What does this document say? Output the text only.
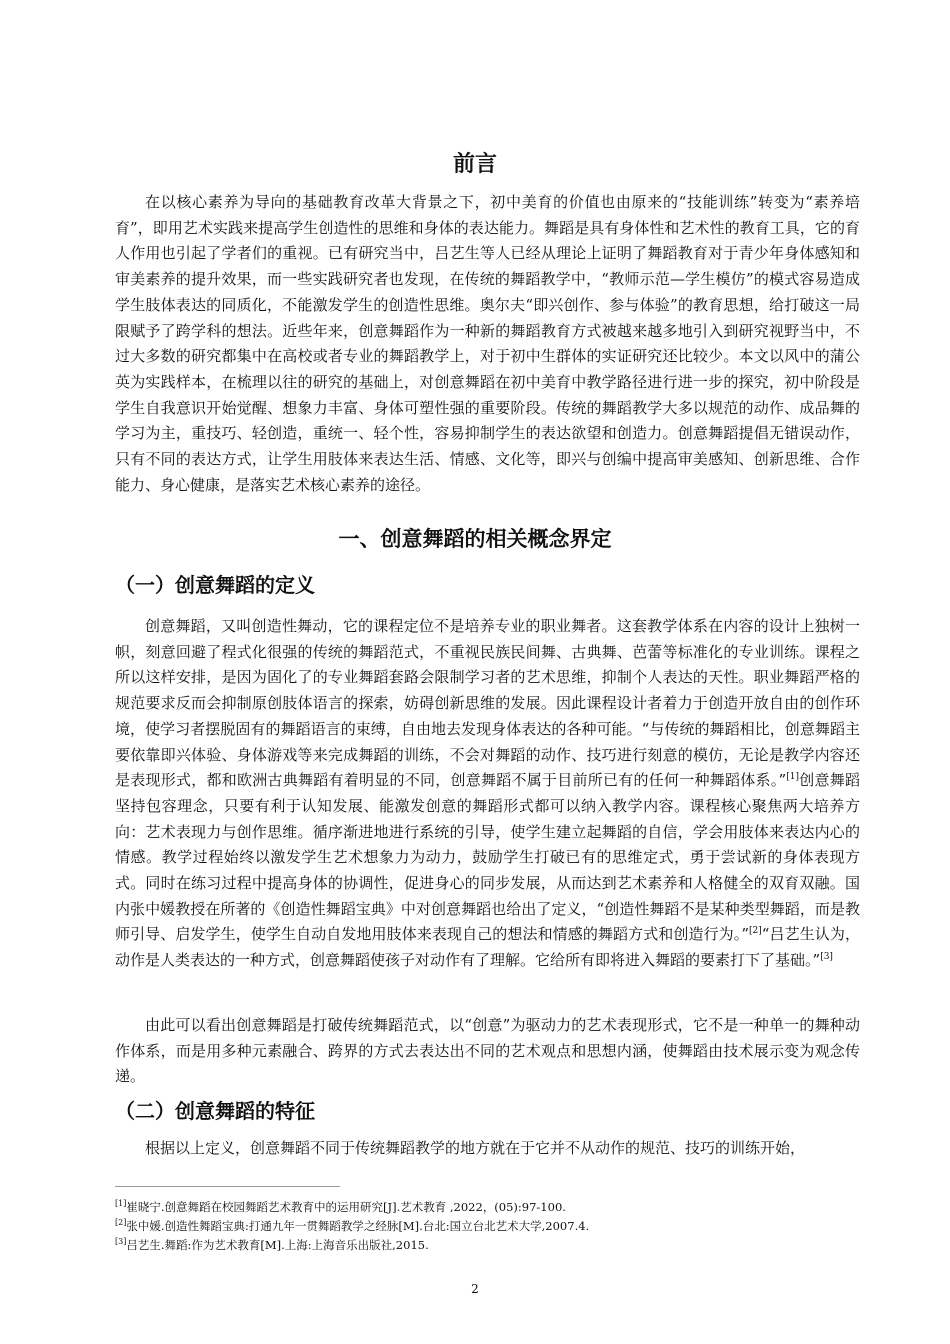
前言

在以核心素养为导向的基础教育改革大背景之下，初中美育的价值也由原来的“技能训练”转变为“素养培育”，即用艺术实践来提高学生创造性的思维和身体的表达能力。舞蹈是具有身体性和艺术性的教育工具，它的育人作用也引起了学者们的重视。已有研究当中，吕艺生等人已经从理论上证明了舞蹈教育对于青少年身体感知和审美素养的提升效果，而一些实践研究者也发现，在传统的舞蹈教学中，“教师示范—学生模仿”的模式容易造成学生肢体表达的同质化，不能激发学生的创造性思维。奥尔夫“即兴创作、参与体验”的教育思想，给打破这一局限赋予了跨学科的想法。近些年来，创意舞蹈作为一种新的舞蹈教育方式被越来越多地引入到研究视野当中，不过大多数的研究都集中在高校或者专业的舞蹈教学上，对于初中生群体的实证研究还比较少。本文以风中的蒲公英为实践样本，在梳理以往的研究的基础上，对创意舞蹈在初中美育中教学路径进行进一步的探究，初中阶段是学生自我意识开始觉醒、想象力丰富、身体可塑性强的重要阶段。传统的舞蹈教学大多以规范的动作、成品舞的学习为主，重技巧、轻创造，重统一、轻个性，容易抑制学生的表达欲望和创造力。创意舞蹈提倡无错误动作，只有不同的表达方式，让学生用肢体来表达生活、情感、文化等，即兴与创编中提高审美感知、创新思维、合作能力、身心健康，是落实艺术核心素养的途径。

一、创意舞蹈的相关概念界定
（一）创意舞蹈的定义

创意舞蹈，又叫创造性舞动，它的课程定位不是培养专业的职业舞者。这套教学体系在内容的设计上独树一帜，刻意回避了程式化很强的传统的舞蹈范式，不重视民族民间舞、古典舞、芭蕾等标准化的专业训练。课程之所以这样安排，是因为固化了的专业舞蹈套路会限制学习者的艺术思维，抑制个人表达的天性。职业舞蹈严格的规范要求反而会抑制原创肢体语言的探索，妨碍创新思维的发展。因此课程设计者着力于创造开放自由的创作环境，使学习者摆脱固有的舞蹈语言的束缚，自由地去发现身体表达的各种可能。“与传统的舞蹈相比，创意舞蹈主要依靠即兴体验、身体游戏等来完成舞蹈的训练，不会对舞蹈的动作、技巧进行刻意的模仿，无论是教学内容还是表现形式，都和欧洲古典舞蹈有着明显的不同，创意舞蹈不属于目前所已有的任何一种舞蹈体系。”[1]创意舞蹈坚持包容理念，只要有利于认知发展、能激发创意的舞蹈形式都可以纳入教学内容。课程核心聚焦两大培养方向：艺术表现力与创作思维。循序渐进地进行系统的引导，使学生建立起舞蹈的自信，学会用肢体来表达内心的情感。教学过程始终以激发学生艺术想象力为动力，鼓励学生打破已有的思维定式，勇于尝试新的身体表现方式。同时在练习过程中提高身体的协调性，促进身心的同步发展，从而达到艺术素养和人格健全的双育双融。国内张中媛教授在所著的《创造性舞蹈宝典》中对创意舞蹈也给出了定义，“创造性舞蹈不是某种类型舞蹈，而是教师引导、启发学生，使学生自动自发地用肢体来表现自己的想法和情感的舞蹈方式和创造行为。”[2]“吕艺生认为，动作是人类表达的一种方式，创意舞蹈使孩子对动作有了理解。它给所有即将进入舞蹈的要素打下了基础。”[3]

由此可以看出创意舞蹈是打破传统舞蹈范式，以“创意”为驱动力的艺术表现形式，它不是一种单一的舞种动作体系，而是用多种元素融合、跨界的方式去表达出不同的艺术观点和思想内涵，使舞蹈由技术展示变为观念传递。

（二）创意舞蹈的特征

根据以上定义，创意舞蹈不同于传统舞蹈教学的地方就在于它并不从动作的规范、技巧的训练开始，

[1]崔晓宁.创意舞蹈在校园舞蹈艺术教育中的运用研究[J].艺术教育 ,2022，(05):97-100.

[2]张中媛.创造性舞蹈宝典:打通九年一贯舞蹈教学之经脉[M].台北:国立台北艺术大学,2007.4.

[3]吕艺生.舞蹈:作为艺术教育[M].上海:上海音乐出版社,2015.

2
